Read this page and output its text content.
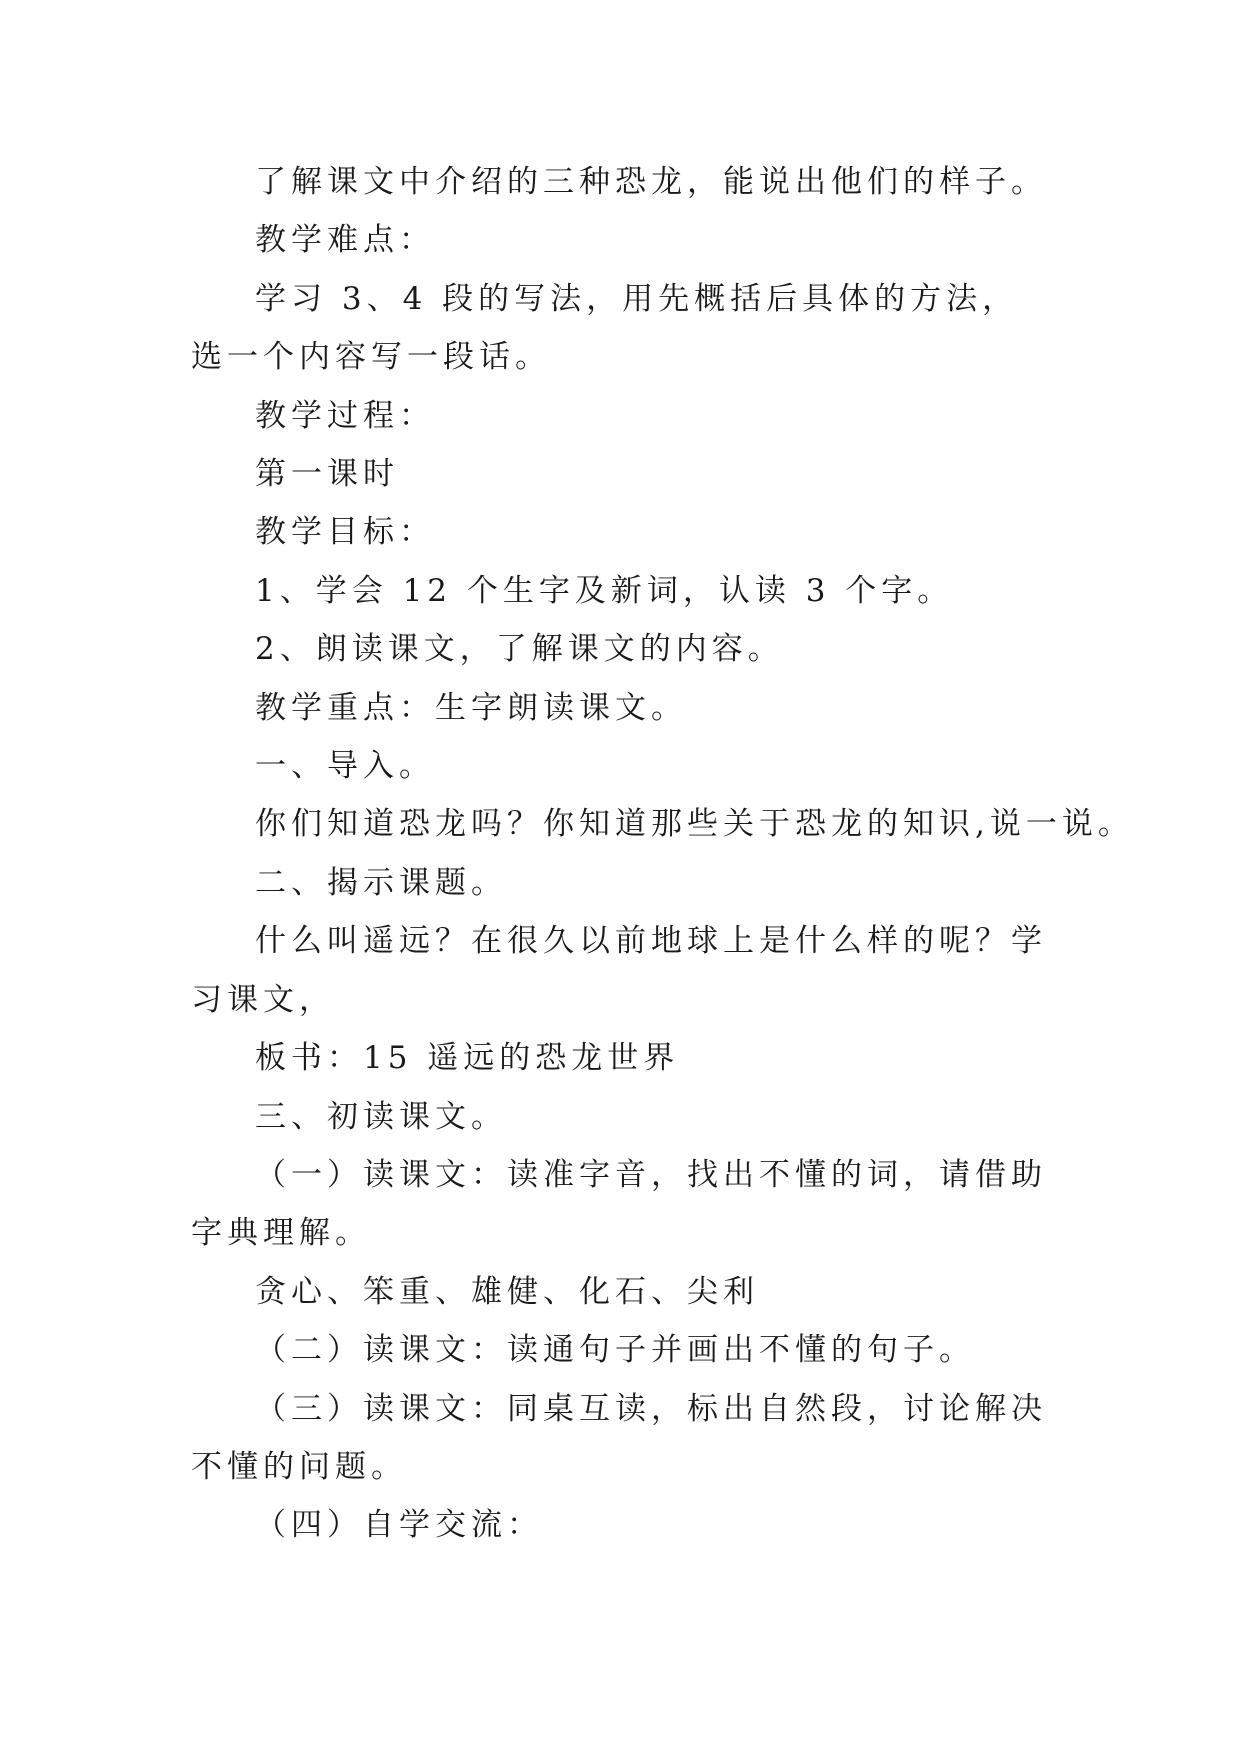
了解课文中介绍的三种恐龙，能说出他们的样子。

教学难点：

学习 3、4 段的写法，用先概括后具体的方法，选一个内容写一段话。

教学过程：

第一课时

教学目标：

1、学会 12 个生字及新词，认读 3 个字。

2、朗读课文，了解课文的内容。

教学重点：生字朗读课文。

一、导入。

你们知道恐龙吗？你知道那些关于恐龙的知识,说一说。

二、揭示课题。

什么叫遥远？在很久以前地球上是什么样的呢？学习课文，

板书：15 遥远的恐龙世界

三、初读课文。

（一）读课文：读准字音，找出不懂的词，请借助字典理解。

贪心、笨重、雄健、化石、尖利

（二）读课文：读通句子并画出不懂的句子。

（三）读课文：同桌互读，标出自然段，讨论解决不懂的问题。

（四）自学交流：
